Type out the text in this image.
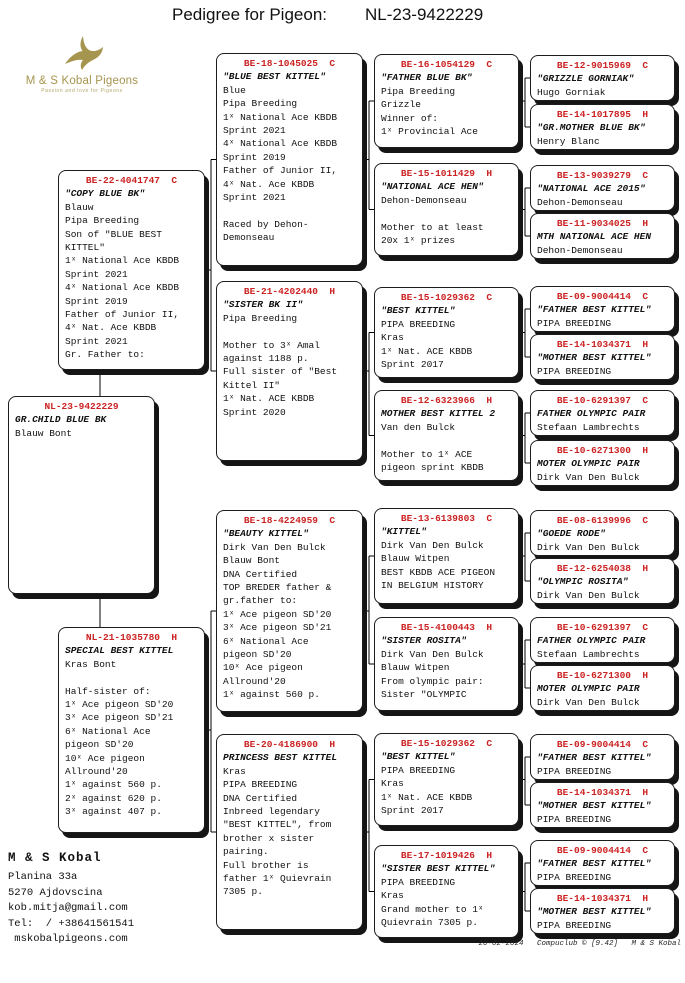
Pedigree for Pigeon: NL-23-9422229
M & S Kobal Pigeons
Passion and love for Pigeons
NL-23-9422229
GR.CHILD BLUE BK
Blauw Bont
BE-22-4041747  C
"COPY BLUE BK"
Blauw
Pipa Breeding
Son of "BLUE BEST
KITTEL"
1ˣ National Ace KBDB
Sprint 2021
4ˣ National Ace KBDB
Sprint 2019
Father of Junior II,
4ˣ Nat. Ace KBDB
Sprint 2021
Gr. Father to:
NL-21-1035780  H
SPECIAL BEST KITTEL
Kras Bont
Half-sister of:
1ˣ Ace pigeon SD'20
3ˣ Ace pigeon SD'21
6ˣ National Ace
pigeon SD'20
10ˣ Ace pigeon
Allround'20
1ˣ against 560 p.
2ˣ against 620 p.
3ˣ against 407 p.
BE-18-1045025  C
"BLUE BEST KITTEL"
Blue
Pipa Breeding
1ˣ National Ace KBDB
Sprint 2021
4ˣ National Ace KBDB
Sprint 2019
Father of Junior II,
4ˣ Nat. Ace KBDB
Sprint 2021
Raced by Dehon-
Demonseau
BE-21-4202440  H
"SISTER BK II"
Pipa Breeding
Mother to 3ˣ Amal
against 1188 p.
Full sister of "Best
Kittel II"
1ˣ Nat. ACE KBDB
Sprint 2020
BE-18-4224959  C
"BEAUTY KITTEL"
Dirk Van Den Bulck
Blauw Bont
DNA Certified
TOP BREDER father &
gr.father to:
1ˣ Ace pigeon SD'20
3ˣ Ace pigeon SD'21
6ˣ National Ace
pigeon SD'20
10ˣ Ace pigeon
Allround'20
1ˣ against 560 p.
BE-20-4186900  H
PRINCESS BEST KITTEL
Kras
PIPA BREEDING
DNA Certified
Inbreed legendary
"BEST KITTEL", from
brother x sister
pairing.
Full brother is
father 1ˣ Quievrain
7305 p.
BE-16-1054129  C
"FATHER BLUE BK"
Pipa Breeding
Grizzle
Winner of:
1ˣ Provincial Ace
BE-15-1011429  H
"NATIONAL ACE HEN"
Dehon-Demonseau
Mother to at least
20x 1ˣ prizes
BE-15-1029362  C
"BEST KITTEL"
PIPA BREEDING
Kras
1ˣ Nat. ACE KBDB
Sprint 2017
BE-12-6323966  H
MOTHER BEST KITTEL 2
Van den Bulck
Mother to 1ˣ ACE
pigeon sprint KBDB
BE-13-6139803  C
"KITTEL"
Dirk Van Den Bulck
Blauw Witpen
BEST KBDB ACE PIGEON
IN BELGIUM HISTORY
BE-15-4100443  H
"SISTER ROSITA"
Dirk Van Den Bulck
Blauw Witpen
From olympic pair:
Sister "OLYMPIC
BE-15-1029362  C
"BEST KITTEL"
PIPA BREEDING
Kras
1ˣ Nat. ACE KBDB
Sprint 2017
BE-17-1019426  H
"SISTER BEST KITTEL"
PIPA BREEDING
Kras
Grand mother to 1ˣ
Quievrain 7305 p.
BE-12-9015969  C
"GRIZZLE GORNIAK"
Hugo Gorniak
BE-14-1017895  H
"GR.MOTHER BLUE BK"
Henry Blanc
BE-13-9039279  C
"NATIONAL ACE 2015"
Dehon-Demonseau
BE-11-9034025  H
MTH NATIONAL ACE HEN
Dehon-Demonseau
BE-09-9004414  C
"FATHER BEST KITTEL"
PIPA BREEDING
BE-14-1034371  H
"MOTHER BEST KITTEL"
PIPA BREEDING
BE-10-6291397  C
FATHER OLYMPIC PAIR
Stefaan Lambrechts
BE-10-6271300  H
MOTER OLYMPIC PAIR
Dirk Van Den Bulck
BE-08-6139996  C
"GOEDE RODE"
Dirk Van Den Bulck
BE-12-6254038  H
"OLYMPIC ROSITA"
Dirk Van Den Bulck
BE-10-6291397  C
FATHER OLYMPIC PAIR
Stefaan Lambrechts
BE-10-6271300  H
MOTER OLYMPIC PAIR
Dirk Van Den Bulck
BE-09-9004414  C
"FATHER BEST KITTEL"
PIPA BREEDING
BE-14-1034371  H
"MOTHER BEST KITTEL"
PIPA BREEDING
BE-09-9004414  C
"FATHER BEST KITTEL"
PIPA BREEDING
BE-14-1034371  H
"MOTHER BEST KITTEL"
PIPA BREEDING
M & S Kobal
Planina 33a
5270 Ajdovscina
kob.mitja@gmail.com
Tel:  / +38641561541
mskobalpigeons.com	20-02-2024   Compuclub © [9.42]   M & S Kobal
